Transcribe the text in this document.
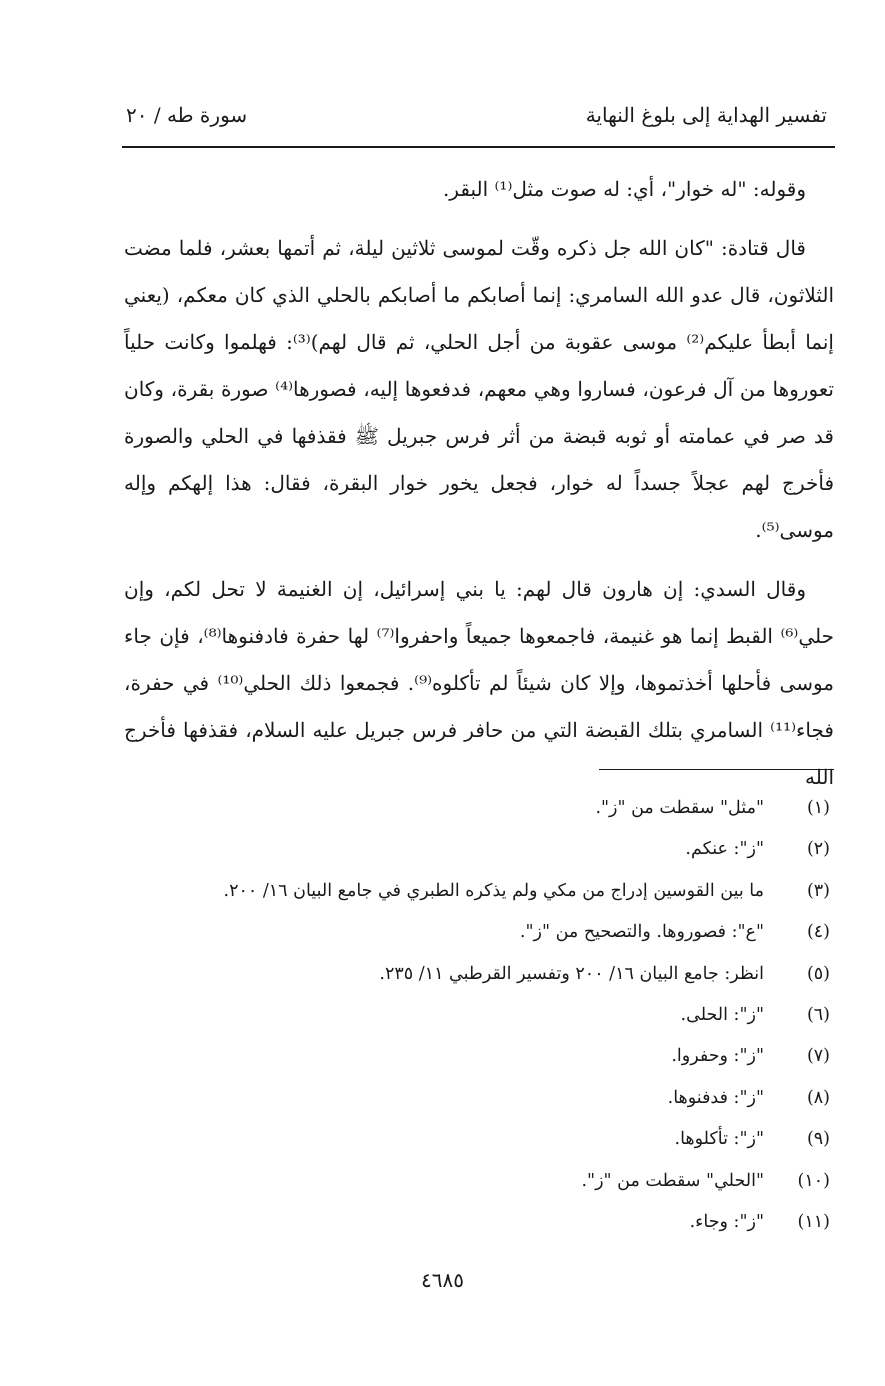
تفسير الهداية إلى بلوغ النهاية
سورة طه / ٢٠

وقوله: "له خوار"، أي: له صوت مثل⁽¹⁾ البقر.

قال قتادة: "كان الله جل ذكره وقّت لموسى ثلاثين ليلة، ثم أتمها بعشر، فلما مضت الثلاثون، قال عدو الله السامري: إنما أصابكم ما أصابكم بالحلي الذي كان معكم، (يعني إنما أبطأ عليكم⁽²⁾ موسى عقوبة من أجل الحلي، ثم قال لهم)⁽³⁾: فهلموا وكانت حلياً تعوروها من آل فرعون، فساروا وهي معهم، فدفعوها إليه، فصورها⁽⁴⁾ صورة بقرة، وكان قد صر في عمامته أو ثوبه قبضة من أثر فرس جبريل ﷺ فقذفها في الحلي والصورة فأخرج لهم عجلاً جسداً له خوار، فجعل يخور خوار البقرة، فقال: هذا إلهكم وإله موسى⁽⁵⁾.

وقال السدي: إن هارون قال لهم: يا بني إسرائيل، إن الغنيمة لا تحل لكم، وإن حلي⁽⁶⁾ القبط إنما هو غنيمة، فاجمعوها جميعاً واحفروا⁽⁷⁾ لها حفرة فادفنوها⁽⁸⁾، فإن جاء موسى فأحلها أخذتموها، وإلا كان شيئاً لم تأكلوه⁽⁹⁾. فجمعوا ذلك الحلي⁽¹⁰⁾ في حفرة، فجاء⁽¹¹⁾ السامري بتلك القبضة التي من حافر فرس جبريل عليه السلام، فقذفها فأخرج الله

(١)
"مثل" سقطت من "ز".
(٢)
"ز": عنكم.
(٣)
ما بين القوسين إدراج من مكي ولم يذكره الطبري في جامع البيان ١٦/ ٢٠٠.
(٤)
"ع": فصوروها. والتصحيح من "ز".
(٥)
انظر: جامع البيان ١٦/ ٢٠٠ وتفسير القرطبي ١١/ ٢٣٥.
(٦)
"ز": الحلى.
(٧)
"ز": وحفروا.
(٨)
"ز": فدفنوها.
(٩)
"ز": تأكلوها.
(١٠)
"الحلي" سقطت من "ز".
(١١)
"ز": وجاء.
٤٦٨٥
